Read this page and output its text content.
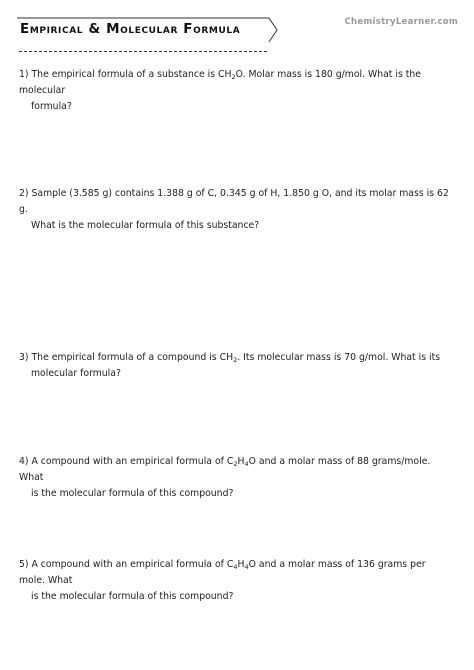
Empirical & Molecular Formula	ChemistryLearner.com
1) The empirical formula of a substance is $CH_2O$. Molar mass is 180 g/mol. What is the molecular
formula?
2) Sample (3.585 g) contains 1.388 g of C, 0.345 g of H, 1.850 g O, and its molar mass is 62 g.
What is the molecular formula of this substance?
3) The empirical formula of a compound is $CH_2$. Its molecular mass is 70 g/mol. What is its
molecular formula?
4) A compound with an empirical formula of $C_2H_4O$ and a molar mass of 88 grams/mole. What
is the molecular formula of this compound?
5) A compound with an empirical formula of $C_4H_4O$ and a molar mass of 136 grams per mole. What
is the molecular formula of this compound?
